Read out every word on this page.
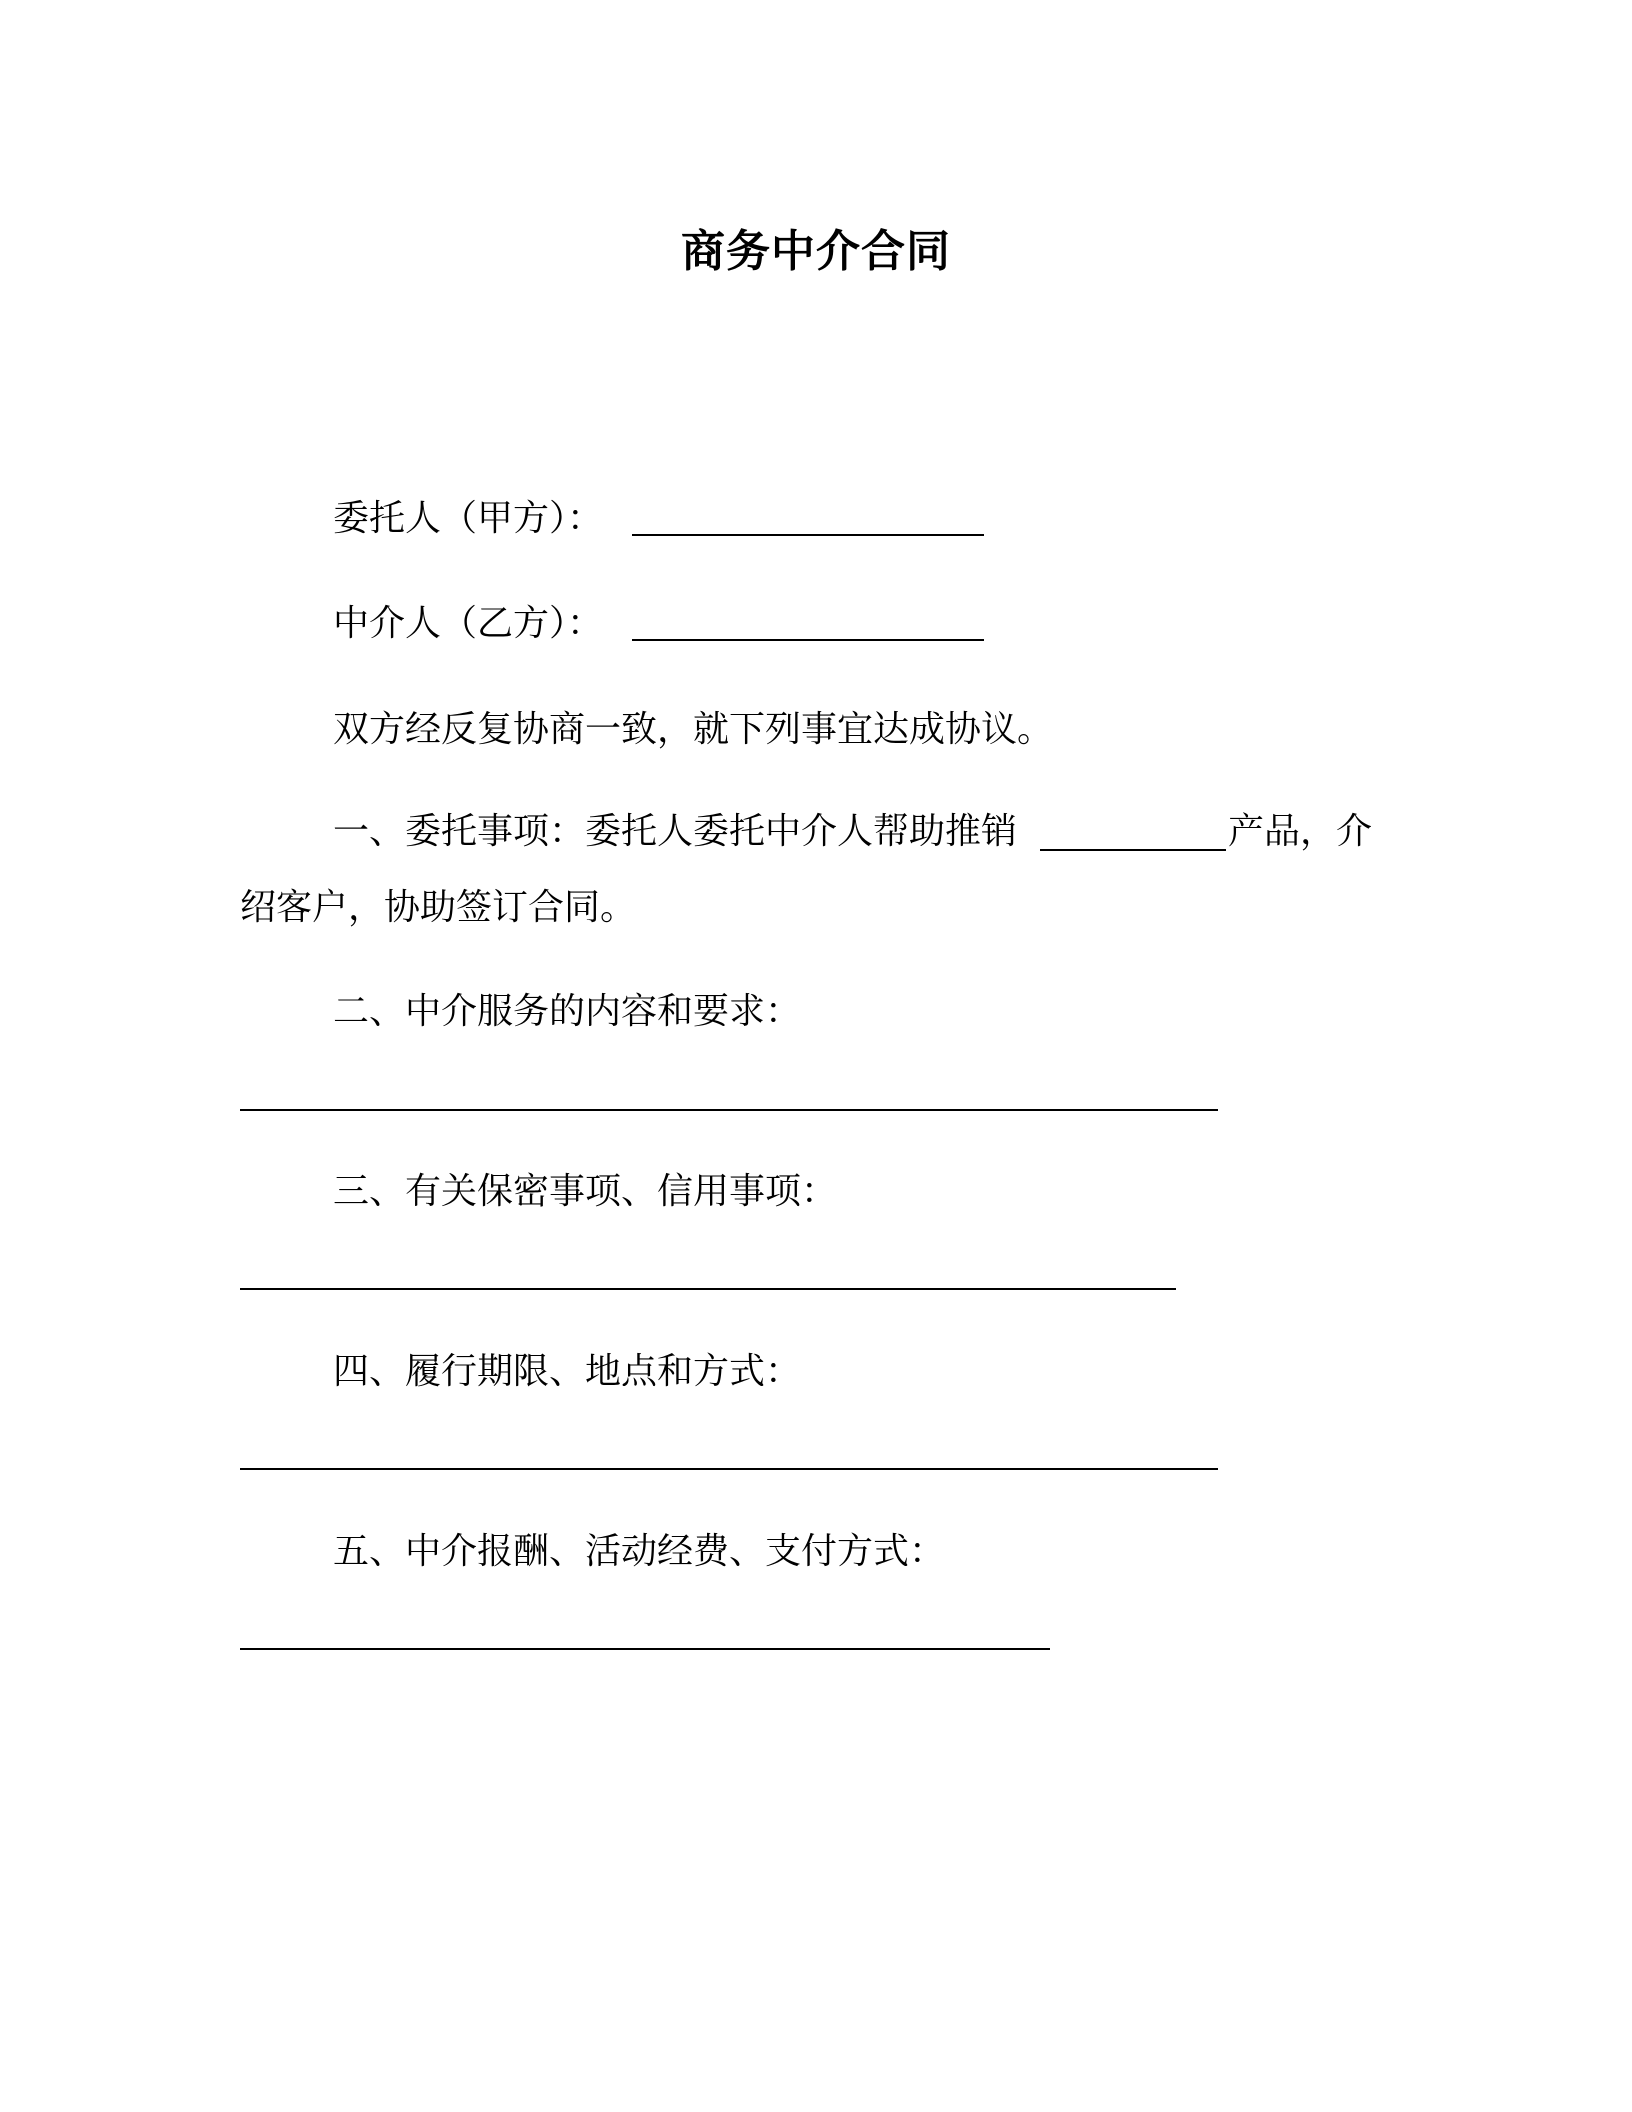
商务中介合同
委托人（甲方）：
中介人（乙方）：
双方经反复协商一致，就下列事宜达成协议。
一、委托事项：委托人委托中介人帮助推销	产品，介
绍客户，协助签订合同。
二、中介服务的内容和要求：
三、有关保密事项、信用事项：
四、履行期限、地点和方式：
五、中介报酬、活动经费、支付方式：
